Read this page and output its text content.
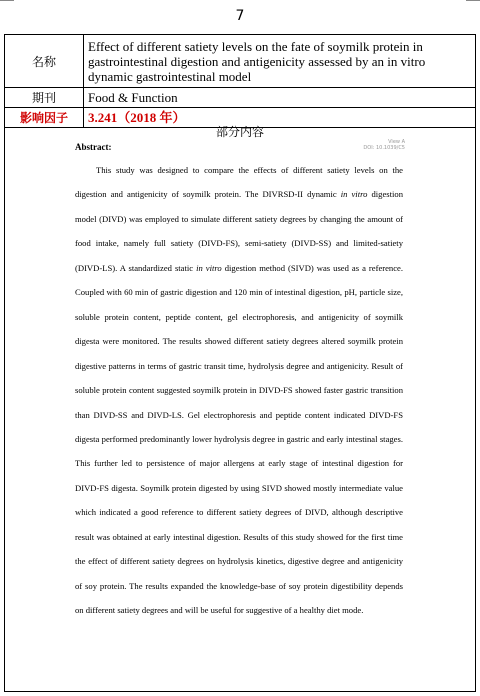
7
名称	Effect of different satiety levels on the fate of soymilk protein in gastrointestinal digestion and antigenicity assessed by an in vitro dynamic gastrointestinal model
期刊	Food & Function
影响因子	3.241（2018 年）
部分内容
Abstract:	View A
DOI: 10.1039/C5

This study was designed to compare the effects of different satiety levels on the digestion and antigenicity of soymilk protein. The DIVRSD-II dynamic in vitro digestion model (DIVD) was employed to simulate different satiety degrees by changing the amount of food intake, namely full satiety (DIVD-FS), semi-satiety (DIVD-SS) and limited-satiety (DIVD-LS). A standardized static in vitro digestion method (SIVD) was used as a reference. Coupled with 60 min of gastric digestion and 120 min of intestinal digestion, pH, particle size, soluble protein content, peptide content, gel electrophoresis, and antigenicity of soymilk digesta were monitored. The results showed different satiety degrees altered soymilk protein digestive patterns in terms of gastric transit time, hydrolysis degree and antigenicity. Result of soluble protein content suggested soymilk protein in DIVD-FS showed faster gastric transition than DIVD-SS and DIVD-LS. Gel electrophoresis and peptide content indicated DIVD-FS digesta performed predominantly lower hydrolysis degree in gastric and early intestinal stages. This further led to persistence of major allergens at early stage of intestinal digestion for DIVD-FS digesta. Soymilk protein digested by using SIVD showed mostly intermediate value which indicated a good reference to different satiety degrees of DIVD, although descriptive result was obtained at early intestinal digestion. Results of this study showed for the first time the effect of different satiety degrees on hydrolysis kinetics, digestive degree and antigenicity of soy protein. The results expanded the knowledge-base of soy protein digestibility depends on different satiety degrees and will be useful for suggestive of a healthy diet mode.
